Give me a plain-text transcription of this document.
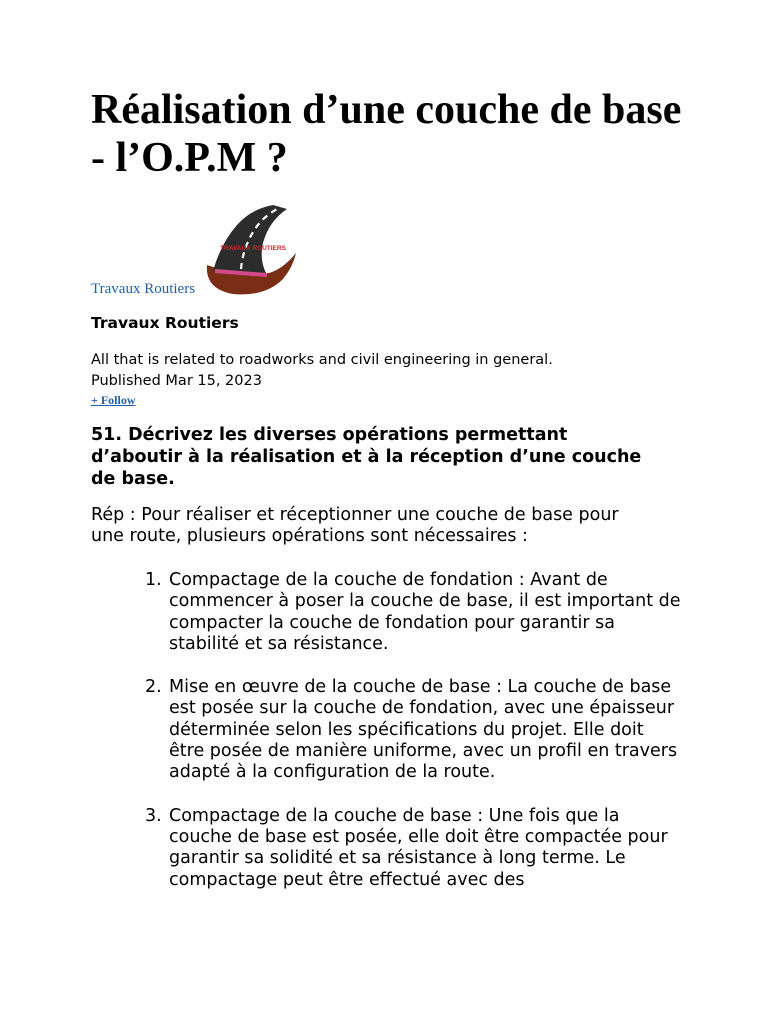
Réalisation d’une couche de base - l’O.P.M ?
TRAVAUX ROUTIERS
Travaux Routiers
Travaux Routiers
All that is related to roadworks and civil engineering in general.
Published Mar 15, 2023
+ Follow
51. Décrivez les diverses opérations permettant d’aboutir à la réalisation et à la réception d’une couche de base.

Rép : Pour réaliser et réceptionner une couche de base pour une route, plusieurs opérations sont nécessaires :

1. Compactage de la couche de fondation : Avant de commencer à poser la couche de base, il est important de compacter la couche de fondation pour garantir sa stabilité et sa résistance.
2. Mise en œuvre de la couche de base : La couche de base est posée sur la couche de fondation, avec une épaisseur déterminée selon les spécifications du projet. Elle doit être posée de manière uniforme, avec un profil en travers adapté à la configuration de la route.
3. Compactage de la couche de base : Une fois que la couche de base est posée, elle doit être compactée pour garantir sa solidité et sa résistance à long terme. Le compactage peut être effectué avec des
